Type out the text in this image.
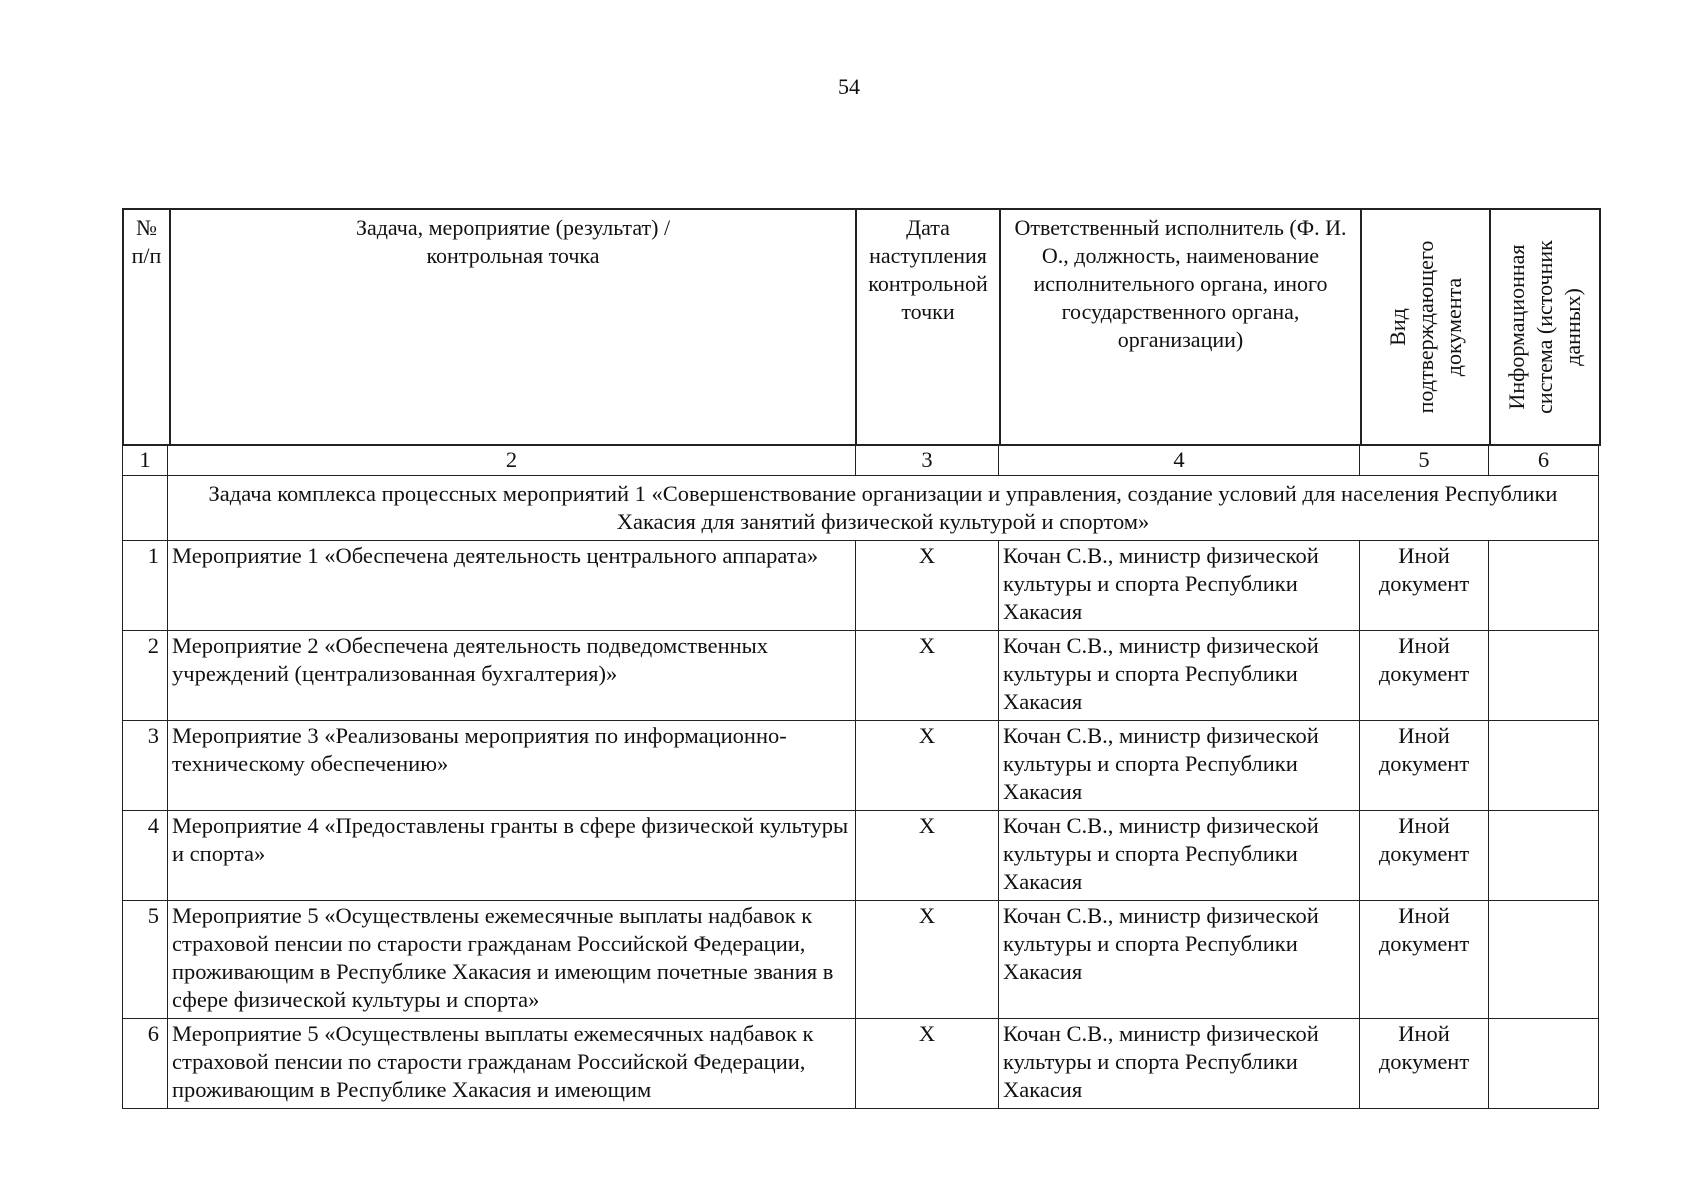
54
№ п/п	Задача, мероприятие (результат) / контрольная точка	Дата наступления контрольной точки	Ответственный исполнитель (Ф. И. О., должность, наименование исполнительного органа, иного государственного органа, организации)	Вид подтверждающего документа	Информационная система (источник данных)
1	2	3	4	5	6
	Задача комплекса процессных мероприятий 1 «Совершенствование организации и управления, создание условий для населения Республики Хакасия для занятий физической культурой и спортом»				
1	Мероприятие 1 «Обеспечена деятельность центрального аппарата»	Х	Кочан С.В., министр физической культуры и спорта Республики Хакасия	Иной документ	
2	Мероприятие 2 «Обеспечена деятельность подведомственных учреждений (централизованная бухгалтерия)»	Х	Кочан С.В., министр физической культуры и спорта Республики Хакасия	Иной документ	
3	Мероприятие 3 «Реализованы мероприятия по информационно-техническому обеспечению»	Х	Кочан С.В., министр физической культуры и спорта Республики Хакасия	Иной документ	
4	Мероприятие 4 «Предоставлены гранты в сфере физической культуры и спорта»	Х	Кочан С.В., министр физической культуры и спорта Республики Хакасия	Иной документ	
5	Мероприятие 5 «Осуществлены ежемесячные выплаты надбавок к страховой пенсии по старости гражданам Российской Федерации, проживающим в Республике Хакасия и имеющим почетные звания в сфере физической культуры и спорта»	Х	Кочан С.В., министр физической культуры и спорта Республики Хакасия	Иной документ	
6	Мероприятие 5 «Осуществлены выплаты ежемесячных надбавок к страховой пенсии по старости гражданам Российской Федерации, проживающим в Республике Хакасия и имеющим	Х	Кочан С.В., министр физической культуры и спорта Республики Хакасия	Иной документ	
